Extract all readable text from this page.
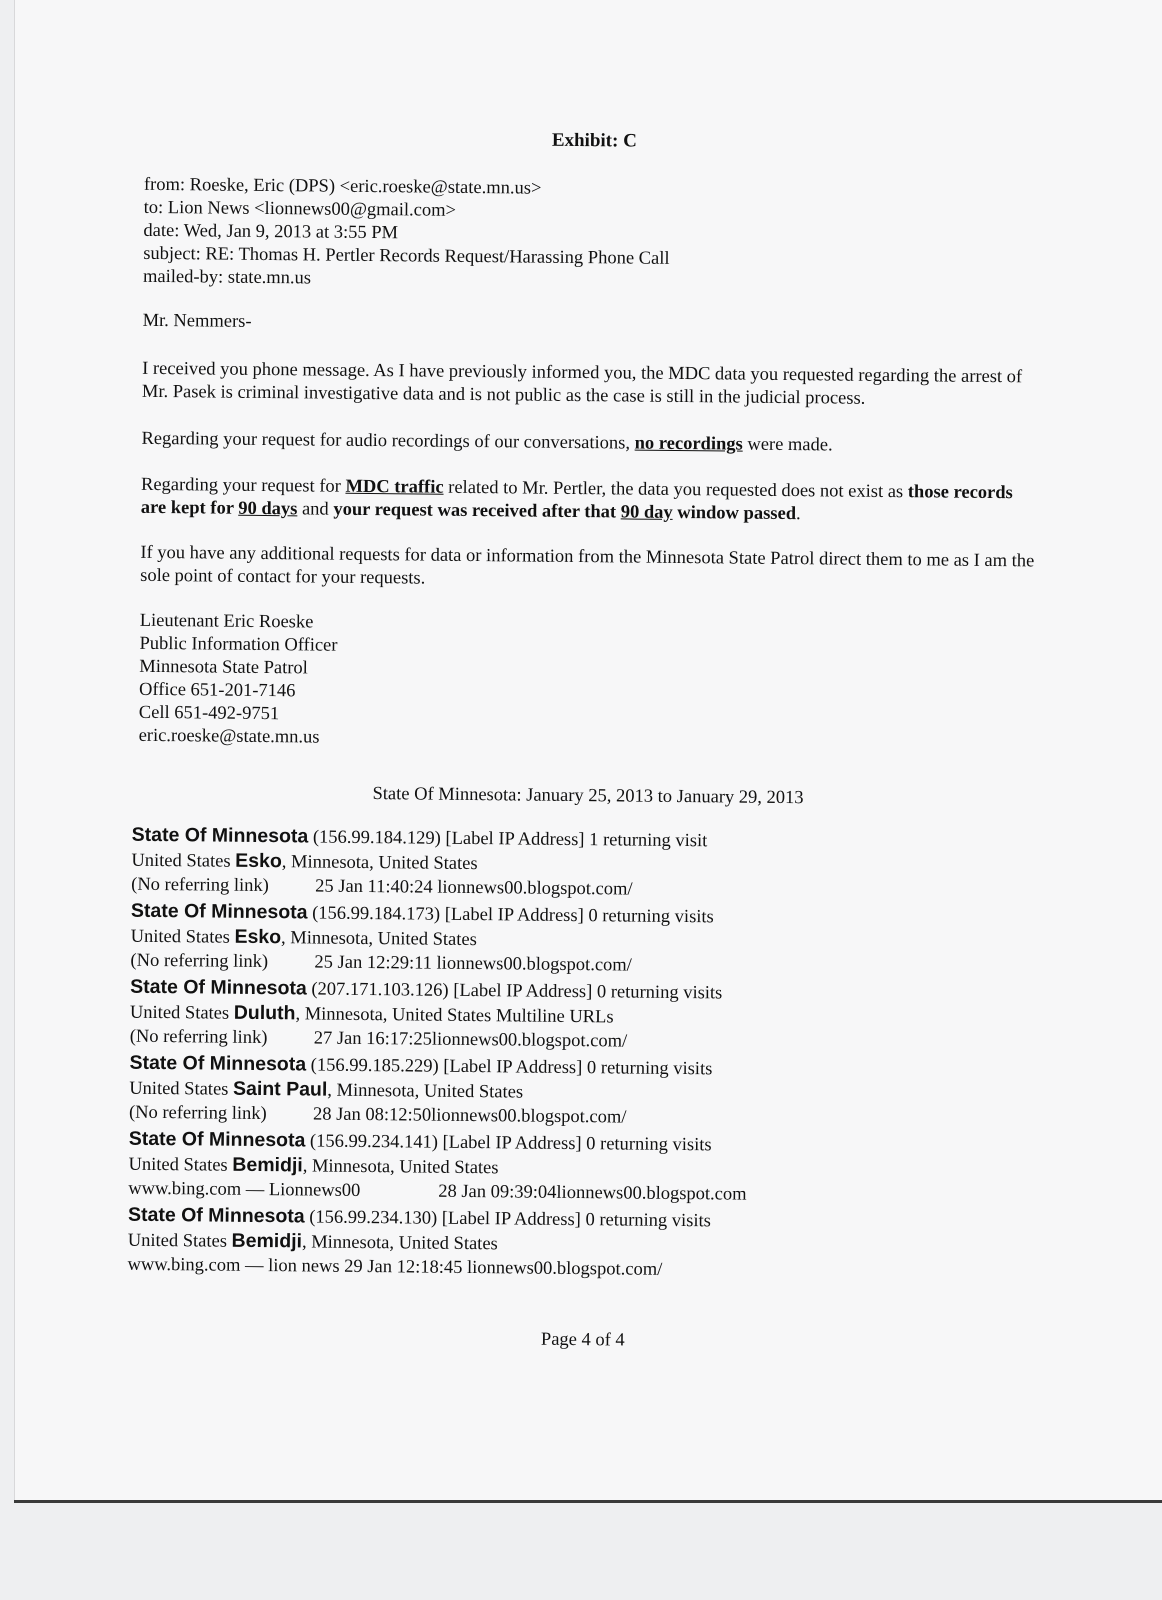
Exhibit: C
from: Roeske, Eric (DPS) <eric.roeske@state.mn.us>
to: Lion News <lionnews00@gmail.com>
date: Wed, Jan 9, 2013 at 3:55 PM
subject: RE: Thomas H. Pertler Records Request/Harassing Phone Call
mailed-by: state.mn.us
Mr. Nemmers-
I received you phone message. As I have previously informed you, the MDC data you requested regarding the arrest of Mr. Pasek is criminal investigative data and is not public as the case is still in the judicial process.
Regarding your request for audio recordings of our conversations, no recordings were made.
Regarding your request for MDC traffic related to Mr. Pertler, the data you requested does not exist as those records are kept for 90 days and your request was received after that 90 day window passed.
If you have any additional requests for data or information from the Minnesota State Patrol direct them to me as I am the sole point of contact for your requests.
Lieutenant Eric Roeske
Public Information Officer
Minnesota State Patrol
Office 651-201-7146
Cell 651-492-9751
eric.roeske@state.mn.us
State Of Minnesota: January 25, 2013 to January 29, 2013
State Of Minnesota (156.99.184.129) [Label IP Address] 1 returning visit
United States Esko, Minnesota, United States
(No referring link) 25 Jan 11:40:24 lionnews00.blogspot.com/
State Of Minnesota (156.99.184.173) [Label IP Address] 0 returning visits
United States Esko, Minnesota, United States
(No referring link) 25 Jan 12:29:11 lionnews00.blogspot.com/
State Of Minnesota (207.171.103.126) [Label IP Address] 0 returning visits
United States Duluth, Minnesota, United States Multiline URLs
(No referring link) 27 Jan 16:17:25lionnews00.blogspot.com/
State Of Minnesota (156.99.185.229) [Label IP Address] 0 returning visits
United States Saint Paul, Minnesota, United States
(No referring link) 28 Jan 08:12:50lionnews00.blogspot.com/
State Of Minnesota (156.99.234.141) [Label IP Address] 0 returning visits
United States Bemidji, Minnesota, United States
www.bing.com — Lionnews00	28 Jan 09:39:04lionnews00.blogspot.com
State Of Minnesota (156.99.234.130) [Label IP Address] 0 returning visits
United States Bemidji, Minnesota, United States
www.bing.com — lion news 29 Jan 12:18:45 lionnews00.blogspot.com/
Page 4 of 4
